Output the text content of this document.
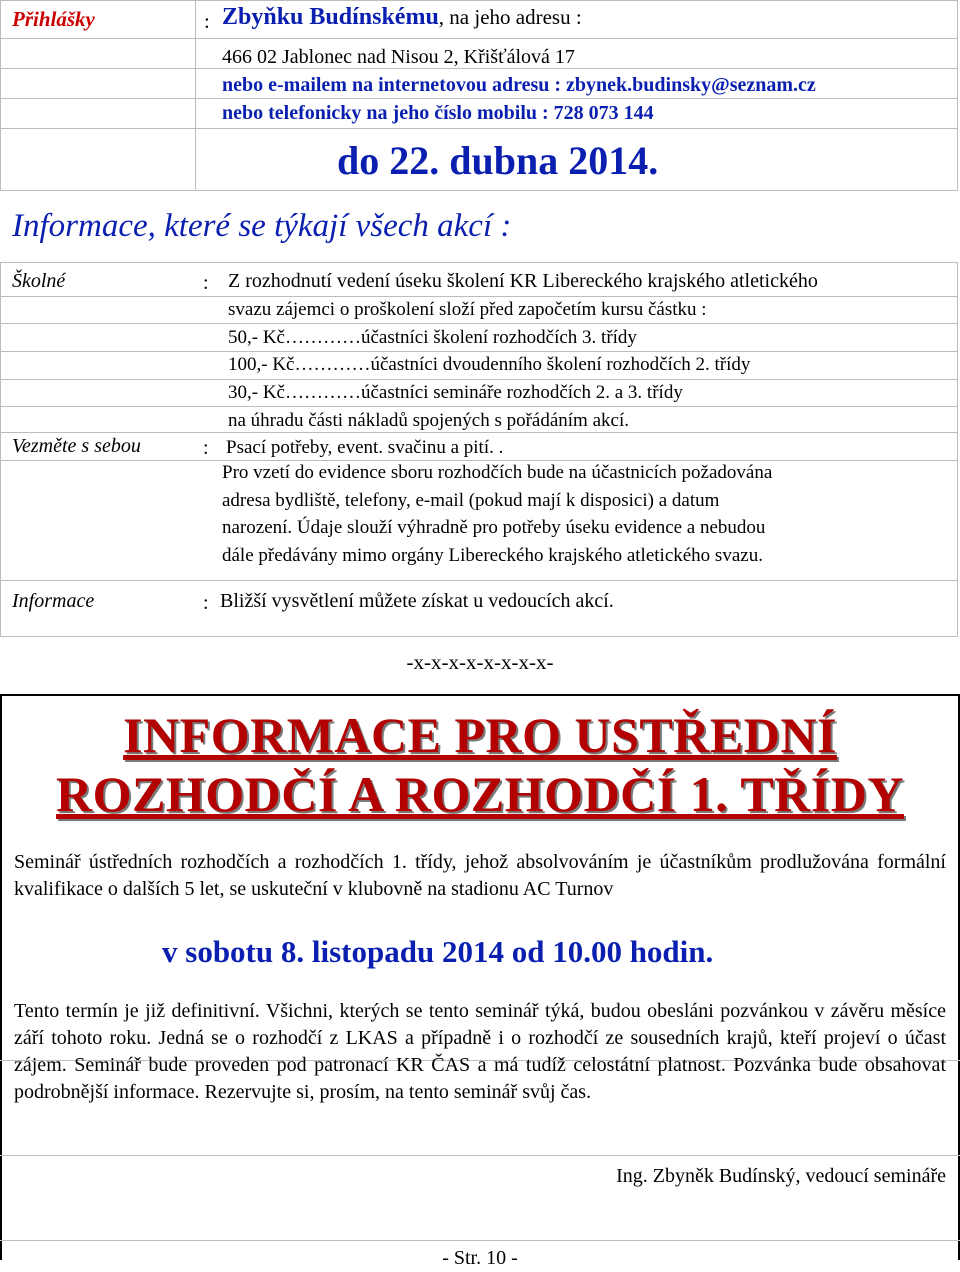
Přihlášky	: Zbyňku Budínskému, na jeho adresu :
466 02 Jablonec nad Nisou 2, Křišťálová 17
nebo e-mailem na internetovou adresu : zbynek.budinsky@seznam.cz
nebo telefonicky na jeho číslo mobilu : 728 073 144
do 22. dubna 2014.
Informace, které se týkají všech akcí :
Školné	: Z rozhodnutí vedení úseku školení KR Libereckého krajského atletického
svazu zájemci o proškolení složí před započetím kursu částku :
50,- Kč…………účastníci školení rozhodčích 3. třídy
100,- Kč…………účastníci dvoudenního školení rozhodčích 2. třídy
30,- Kč…………účastníci semináře rozhodčích 2. a 3. třídy
na úhradu části nákladů spojených s pořádáním akcí.
Vezměte s sebou	: Psací potřeby, event. svačinu a pití. .
Pro vzetí do evidence sboru rozhodčích bude na účastnicích požadována
adresa bydliště, telefony, e-mail (pokud mají k disposici) a datum
narození. Údaje slouží výhradně pro potřeby úseku evidence a nebudou
dále předávány mimo orgány Libereckého krajského atletického svazu.
Informace	: Bližší vysvětlení můžete získat u vedoucích akcí.
-x-x-x-x-x-x-x-x-
INFORMACE PRO USTŘEDNÍ
ROZHODČÍ A ROZHODČÍ 1. TŘÍDY
Seminář ústředních rozhodčích a rozhodčích 1. třídy, jehož absolvováním je účastníkům prodlužována formální kvalifikace o dalších 5 let, se uskuteční v klubovně na stadionu AC Turnov
v sobotu 8. listopadu 2014 od 10.00 hodin.
Tento termín je již definitivní. Všichni, kterých se tento seminář týká, budou obesláni pozvánkou v závěru měsíce září tohoto roku. Jedná se o rozhodčí z LKAS a případně i o rozhodčí ze sousedních krajů, kteří projeví o účast zájem. Seminář bude proveden pod patronací KR ČAS a má tudíž celostátní platnost. Pozvánka bude obsahovat podrobnější informace. Rezervujte si, prosím, na tento seminář svůj čas.
Ing. Zbyněk Budínský, vedoucí semináře
- Str. 10 -
